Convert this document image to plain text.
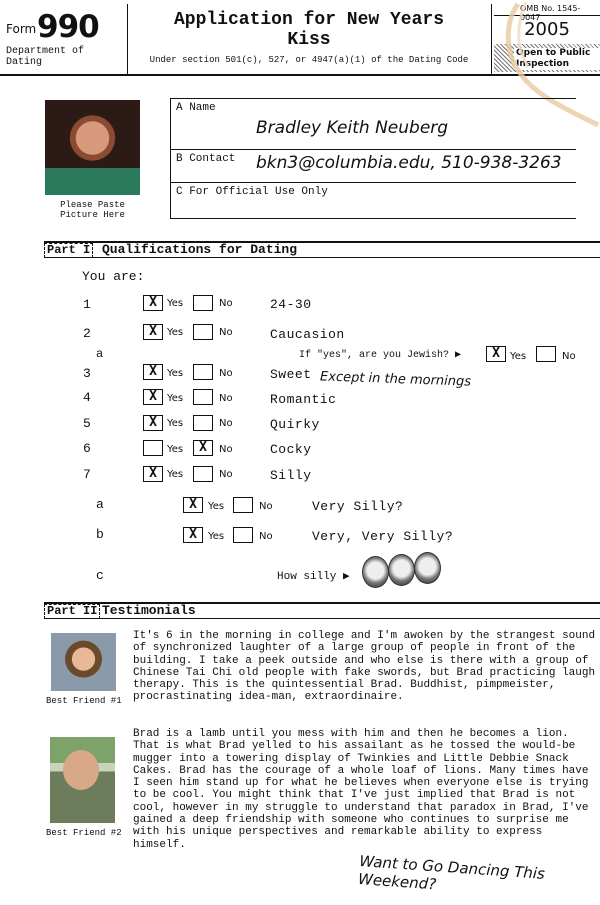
Form 990
Department of
Dating
Application for New Years
Kiss
Under section 501(c), 527, or 4947(a)(1) of the Dating Code
OMB No. 1545-0047
2005
Open to Public Inspection
Please Paste
Picture Here
A Name
Bradley Keith Neuberg
B Contact bkn3@columbia.edu, 510-938-3263
C For Official Use Only
Part I Qualifications for Dating
You are:
1	X	Yes	No	24-30
2	X	Yes	No	Caucasion
a	If "yes", are you Jewish? ▶	X	Yes	No
3	X	Yes	No	Sweet Except in the mornings
4	X	Yes	No	Romantic
5	X	Yes	No	Quirky
6	Yes	X	No	Cocky
7	X	Yes	No	Silly
a	X	Yes	No	Very Silly?
b	X	Yes	No	Very, Very Silly?
c	How silly ▶
Part II Testimonials
Best Friend #1
It's 6 in the morning in college and I'm awoken by the strangest sound of synchronized laughter of a large group of people in front of the building. I take a peek outside and who else is there with a group of Chinese Tai Chi old people with fake swords, but Brad practicing laugh therapy. This is the quintessential Brad. Buddhist, pimpmeister, procrastinating idea-man, extraordinaire.
Best Friend #2
Brad is a lamb until you mess with him and then he becomes a lion. That is what Brad yelled to his assailant as he tossed the would-be mugger into a towering display of Twinkies and Little Debbie Snack Cakes. Brad has the courage of a whole loaf of lions. Many times have I seen him stand up for what he believes when everyone else is trying to be cool. You might think that I've just implied that Brad is not cool, however in my struggle to understand that paradox in Brad, I've gained a deep friendship with someone who continues to surprise me with his unique perspectives and remarkable ability to express himself.
Want to Go Dancing This Weekend?
